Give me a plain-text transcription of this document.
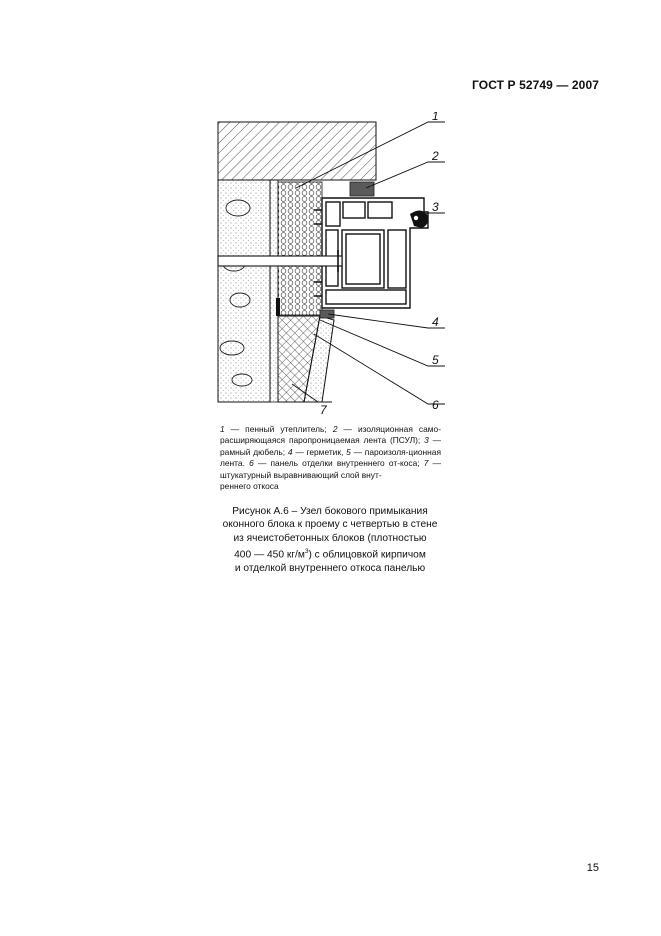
ГОСТ Р 52749 — 2007
1
2
3
4
5
6
7
1 — пенный утеплитель; 2 — изоляционная само-расширяющаяся паропроницаемая лента (ПСУЛ); 3 — рамный дюбель; 4 — герметик, 5 — пароизоля-ционная лента. 6 — панель отделки внутреннего от-коса; 7 — штукатурный выравнивающий слой внут-
реннего откоса
Рисунок А.6 – Узел бокового примыкания
оконного блока к проему с четвертью в стене
из ячеистобетонных блоков (плотностью
400 — 450 $кг/м^3$) с облицовкой кирпичом
и отделкой внутреннего откоса панелью
15
